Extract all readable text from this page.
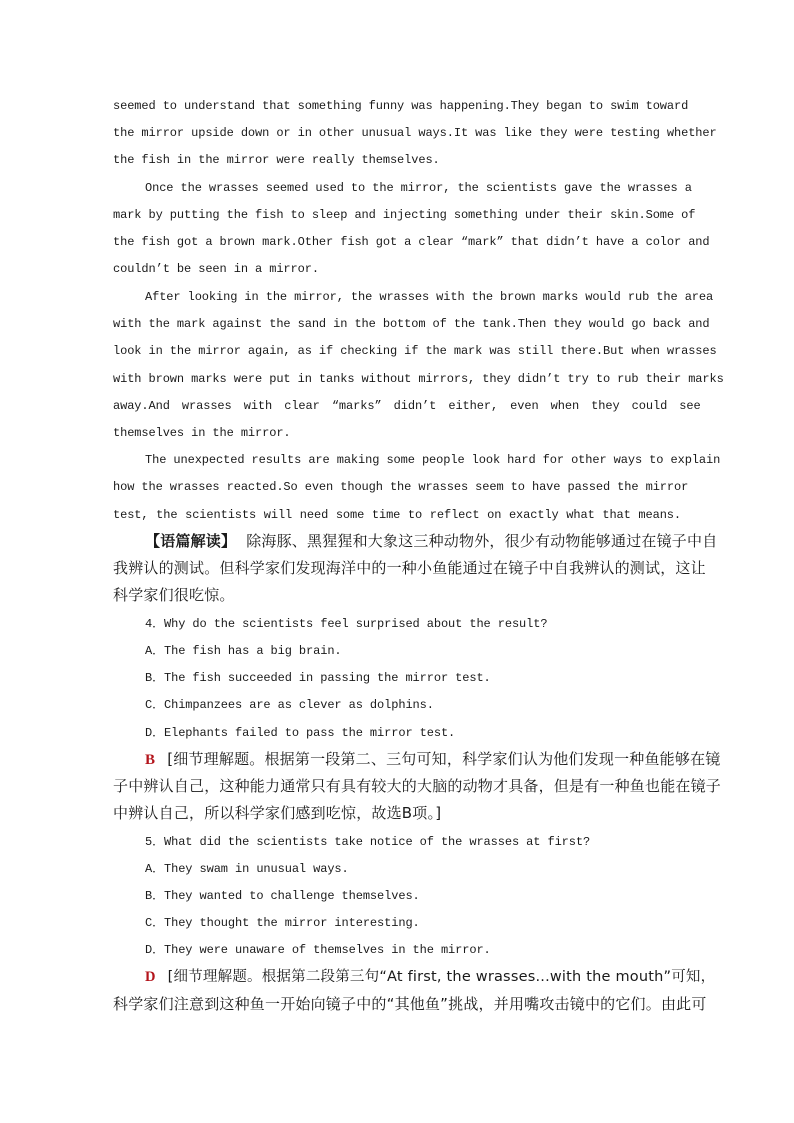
seemed to understand that something funny was happening.They began to swim toward
the mirror upside down or in other unusual ways.It was like they were testing whether
the fish in the mirror were really themselves.
Once the wrasses seemed used to the mirror, the scientists gave the wrasses a
mark by putting the fish to sleep and injecting something under their skin.Some of
the fish got a brown mark.Other fish got a clear “mark” that didn’t have a color and
couldn’t be seen in a mirror.
After looking in the mirror, the wrasses with the brown marks would rub the area
with the mark against the sand in the bottom of the tank.Then they would go back and
look in the mirror again, as if checking if the mark was still there.But when wrasses
with brown marks were put in tanks without mirrors, they didn’t try to rub their marks
away.And wrasses with clear “marks” didn’t either, even when they could see
themselves in the mirror.
The unexpected results are making some people look hard for other ways to explain
how the wrasses reacted.So even though the wrasses seem to have passed the mirror
test, the scientists will need some time to reflect on exactly what that means.
【语篇解读】 除海豚、黑猩猩和大象这三种动物外，很少有动物能够通过在镜子中自
我辨认的测试。但科学家们发现海洋中的一种小鱼能通过在镜子中自我辨认的测试，这让
科学家们很吃惊。
4．Why do the scientists feel surprised about the result?
A．The fish has a big brain.
B．The fish succeeded in passing the mirror test.
C．Chimpanzees are as clever as dolphins.
D．Elephants failed to pass the mirror test.
B [细节理解题。根据第一段第二、三句可知，科学家们认为他们发现一种鱼能够在镜
子中辨认自己，这种能力通常只有具有较大的大脑的动物才具备，但是有一种鱼也能在镜子
中辨认自己，所以科学家们感到吃惊，故选B项。]
5．What did the scientists take notice of the wrasses at first?
A．They swam in unusual ways.
B．They wanted to challenge themselves.
C．They thought the mirror interesting.
D．They were unaware of themselves in the mirror.
D [细节理解题。根据第二段第三句“At first, the wrasses...with the mouth”可知，
科学家们注意到这种鱼一开始向镜子中的“其他鱼”挑战，并用嘴攻击镜中的它们。由此可
